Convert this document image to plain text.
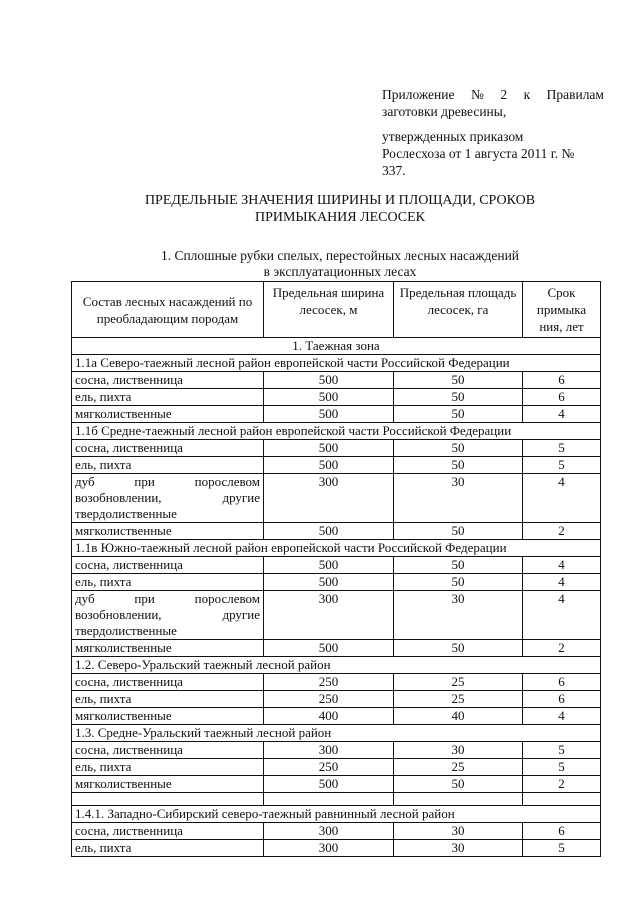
Приложение № 2 к Правилам
заготовки древесины,
утвержденных приказом
Рослесхоза от 1 августа 2011 г. №
337.
ПРЕДЕЛЬНЫЕ ЗНАЧЕНИЯ ШИРИНЫ И ПЛОЩАДИ, СРОКОВ
ПРИМЫКАНИЯ ЛЕСОСЕК
1. Сплошные рубки спелых, перестойных лесных насаждений
в эксплуатационных лесах
Состав лесных насаждений по преобладающим породам	Предельная ширина лесосек, м	Предельная площадь лесосек, га	Срок примыка ния, лет
1. Таежная зона			
1.1а Северо-таежный лесной район европейской части Российской Федерации			
сосна, лиственница	500	50	6
ель, пихта	500	50	6
мягколиственные	500	50	4
1.1б Средне-таежный лесной район европейской части Российской Федерации			
сосна, лиственница	500	50	5
ель, пихта	500	50	5
дуб при порослевом возобновлении, другие твердолиственные	300	30	4
мягколиственные	500	50	2
1.1в Южно-таежный лесной район европейской части Российской Федерации			
сосна, лиственница	500	50	4
ель, пихта	500	50	4
дуб при порослевом возобновлении, другие твердолиственные	300	30	4
мягколиственные	500	50	2
1.2. Северо-Уральский таежный лесной район			
сосна, лиственница	250	25	6
ель, пихта	250	25	6
мягколиственные	400	40	4
1.3. Средне-Уральский таежный лесной район			
сосна, лиственница	300	30	5
ель, пихта	250	25	5
мягколиственные	500	50	2

1.4.1. Западно-Сибирский северо-таежный равнинный лесной район			
сосна, лиственница	300	30	6
ель, пихта	300	30	5
